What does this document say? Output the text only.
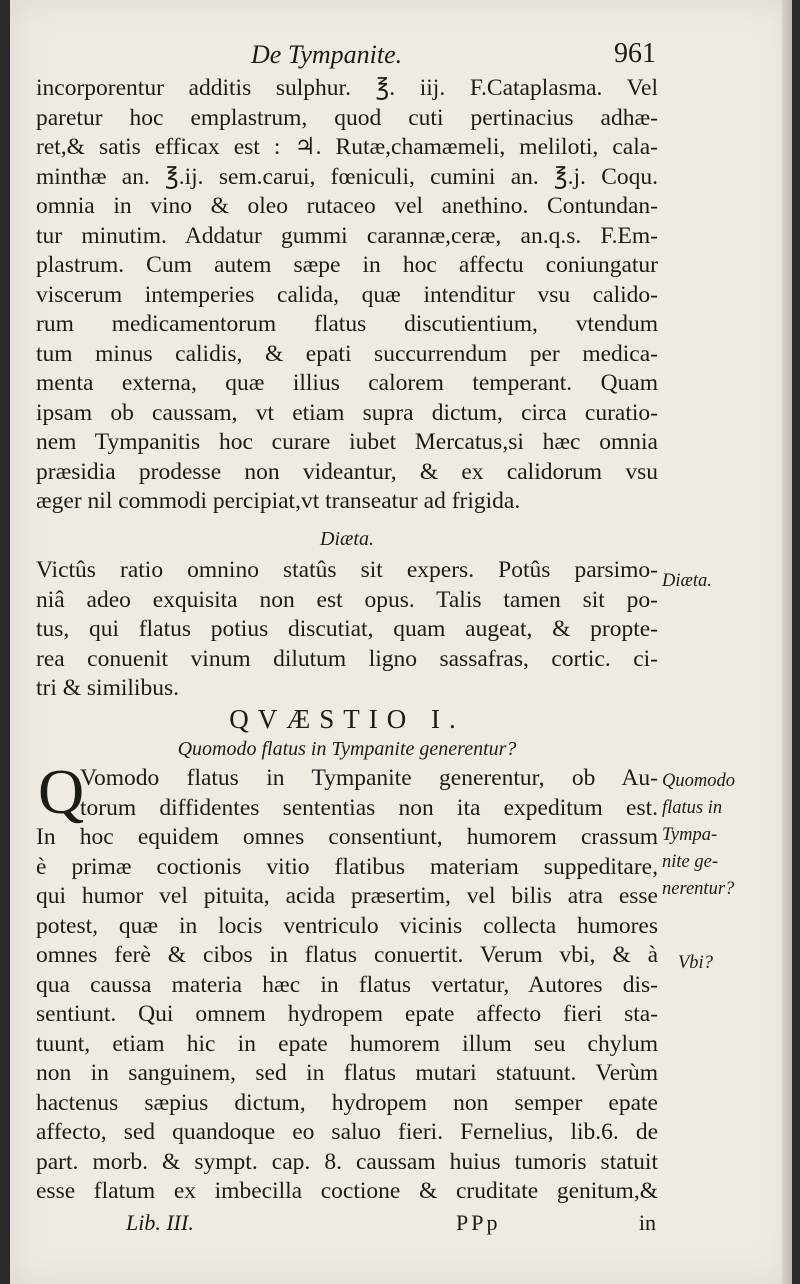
De Tympanite.	961
incorporentur additis sulphur. ℥. iij. F.Cataplasma. Vel
paretur hoc emplastrum, quod cuti pertinacius adhæ-
ret,& satis efficax est : ♃. Rutæ,chamæmeli, meliloti, cala-
minthæ an. ℥.ij. sem.carui, fœniculi, cumini an. ℥.j. Coqu.
omnia in vino & oleo rutaceo vel anethino. Contundan-
tur minutim. Addatur gummi carannæ,ceræ, an.q.s. F.Em-
plastrum. Cum autem sæpe in hoc affectu coniungatur
viscerum intemperies calida, quæ intenditur vsu calido-
rum medicamentorum flatus discutientium, vtendum
tum minus calidis, & epati succurrendum per medica-
menta externa, quæ illius calorem temperant. Quam
ipsam ob caussam, vt etiam supra dictum, circa curatio-
nem Tympanitis hoc curare iubet Mercatus,si hæc omnia
præsidia prodesse non videantur, & ex calidorum vsu
æger nil commodi percipiat,vt transeatur ad frigida.
Diæta.
Victûs ratio omnino statûs sit expers. Potûs parsimo-
niâ adeo exquisita non est opus. Talis tamen sit po-
tus, qui flatus potius discutiat, quam augeat, & propte-
rea conuenit vinum dilutum ligno sassafras, cortic. ci-
tri & similibus.
QVÆSTIO I.
Quomodo flatus in Tympanite generentur?
Q
Vomodo flatus in Tympanite generentur, ob Au-
torum diffidentes sententias non ita expeditum est.
In hoc equidem omnes consentiunt, humorem crassum
è primæ coctionis vitio flatibus materiam suppeditare,
qui humor vel pituita, acida præsertim, vel bilis atra esse
potest, quæ in locis ventriculo vicinis collecta humores
omnes ferè & cibos in flatus conuertit. Verum vbi, & à
qua caussa materia hæc in flatus vertatur, Autores dis-
sentiunt. Qui omnem hydropem epate affecto fieri sta-
tuunt, etiam hic in epate humorem illum seu chylum
non in sanguinem, sed in flatus mutari statuunt. Verùm
hactenus sæpius dictum, hydropem non semper epate
affecto, sed quandoque eo saluo fieri. Fernelius, lib.6. de
part. morb. & sympt. cap. 8. caussam huius tumoris statuit
esse flatum ex imbecilla coctione & cruditate genitum,&
Diæta.
Quomodo
flatus in
Tympa-
nite ge-
nerentur?
Vbi?
Lib. III.	PPp	in
